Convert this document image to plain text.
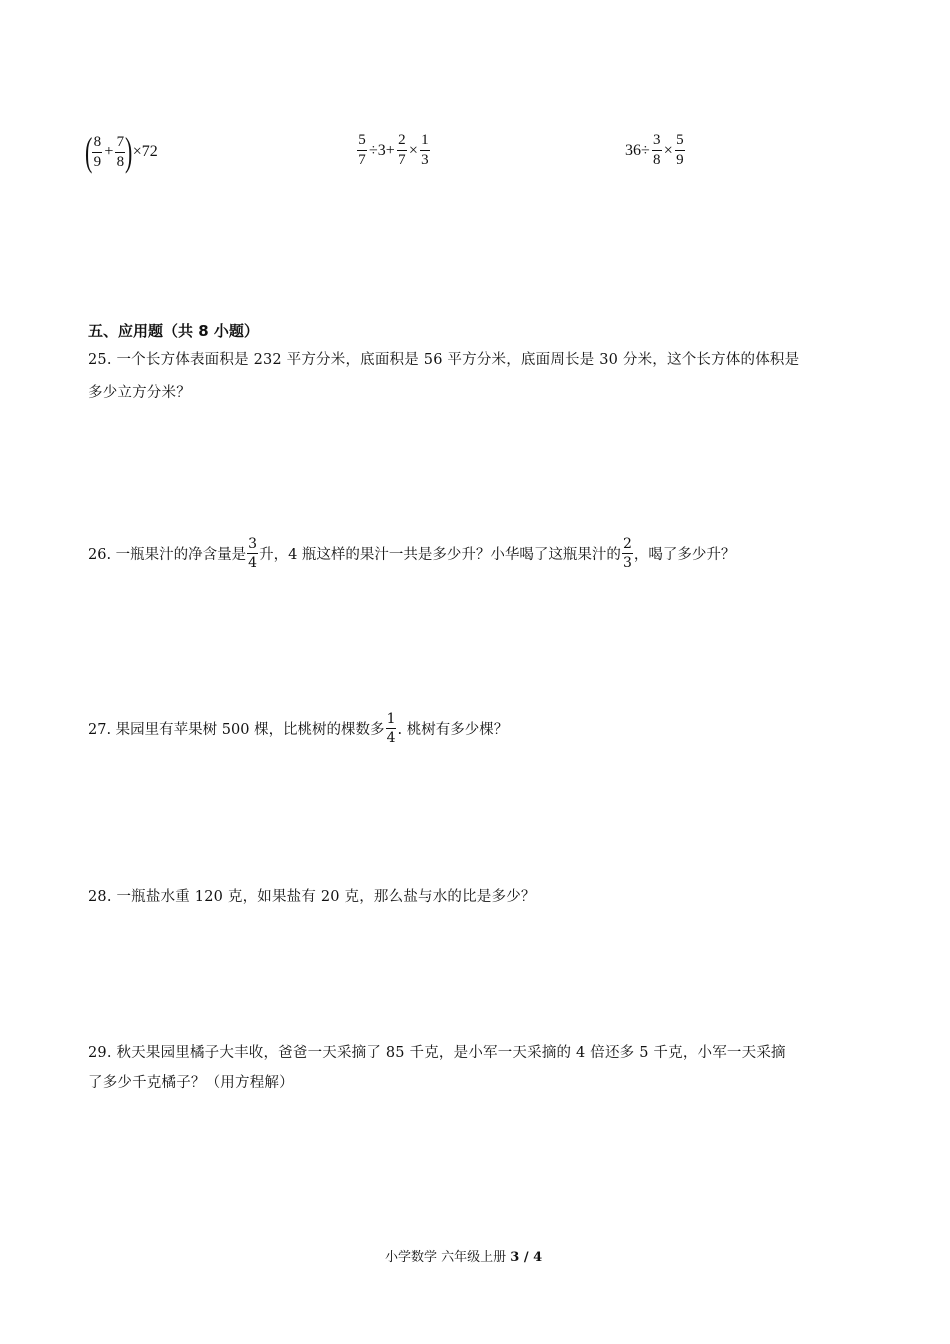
( $\frac{8}{9} + \frac{7}{8}$ ) ×72	$\frac{5}{7} \div 3+ \frac{2}{7} \times \frac{1}{3}$	$36\div \frac{3}{8} \times \frac{5}{9}$
五、应用题（共 8 小题）
25. 一个长方体表面积是 232 平方分米，底面积是 56 平方分米，底面周长是 30 分米，这个长方体的体积是
多少立方分米？
26. 一瓶果汁的净含量是 $\frac{3}{4}$ 升，4 瓶这样的果汁一共是多少升？小华喝了这瓶果汁的 $\frac{2}{3}$ ，喝了多少升？
27. 果园里有苹果树 500 棵，比桃树的棵数多 $\frac{1}{4}$ . 桃树有多少棵？
28. 一瓶盐水重 120 克，如果盐有 20 克，那么盐与水的比是多少？
29. 秋天果园里橘子大丰收，爸爸一天采摘了 85 千克，是小军一天采摘的 4 倍还多 5 千克，小军一天采摘
了多少千克橘子？（用方程解）
小学数学 六年级上册 3 / 4
